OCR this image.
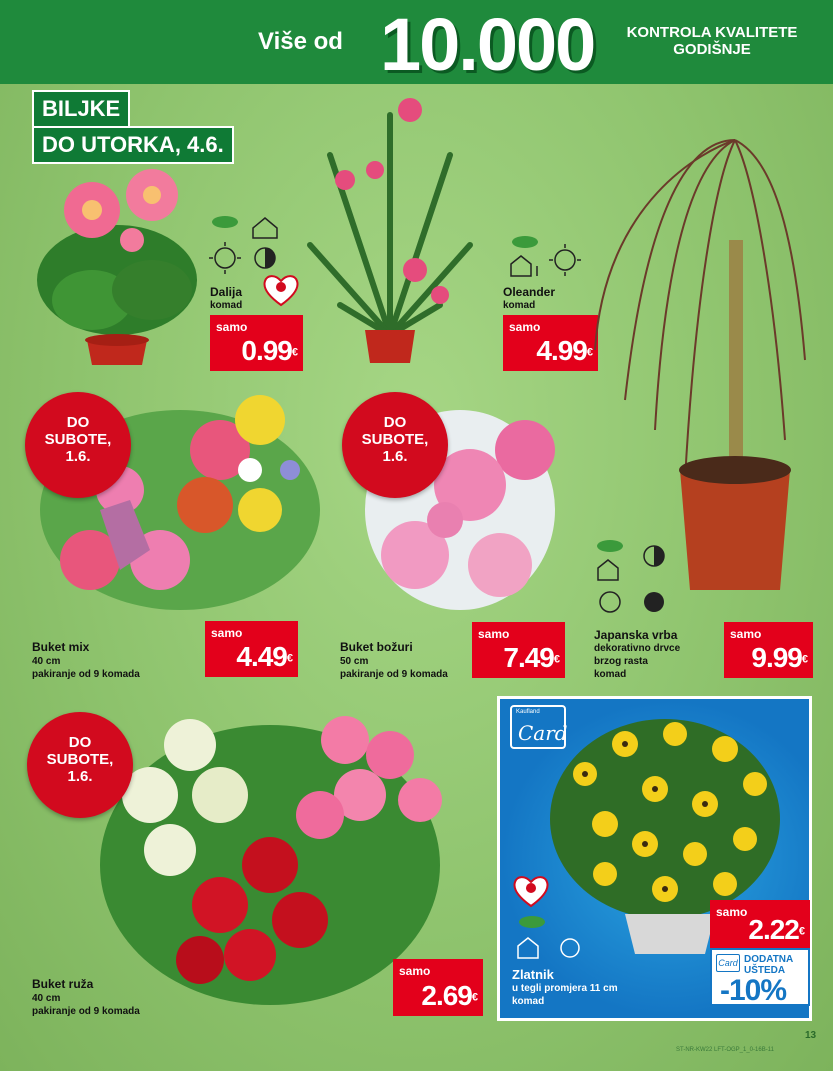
Više od 10.000	KONTROLA KVALITETE
GODIŠNJE
BILJKE
DO UTORKA, 4.6.

Dalija
komad
samo
0.99€

Oleander
komad
samo
4.99€
Japanska vrba
dekorativno drvce
brzog rasta
komad
samo
9.99€
DO
SUBOTE,
1.6.
Buket mix
40 cm
pakiranje od 9 komada
samo
4.49€
DO
SUBOTE,
1.6.
Buket božuri
50 cm
pakiranje od 9 komada
samo
7.49€
DO
SUBOTE,
1.6.
Buket ruža
40 cm
pakiranje od 9 komada
samo
2.69€
Kaufland
Card
Zlatnik
u tegli promjera 11 cm
komad
samo
2.22€
Card DODATNA
UŠTEDA
-10%
13
ST-NR-KW22 LFT-OGP_1_0-16B-11
